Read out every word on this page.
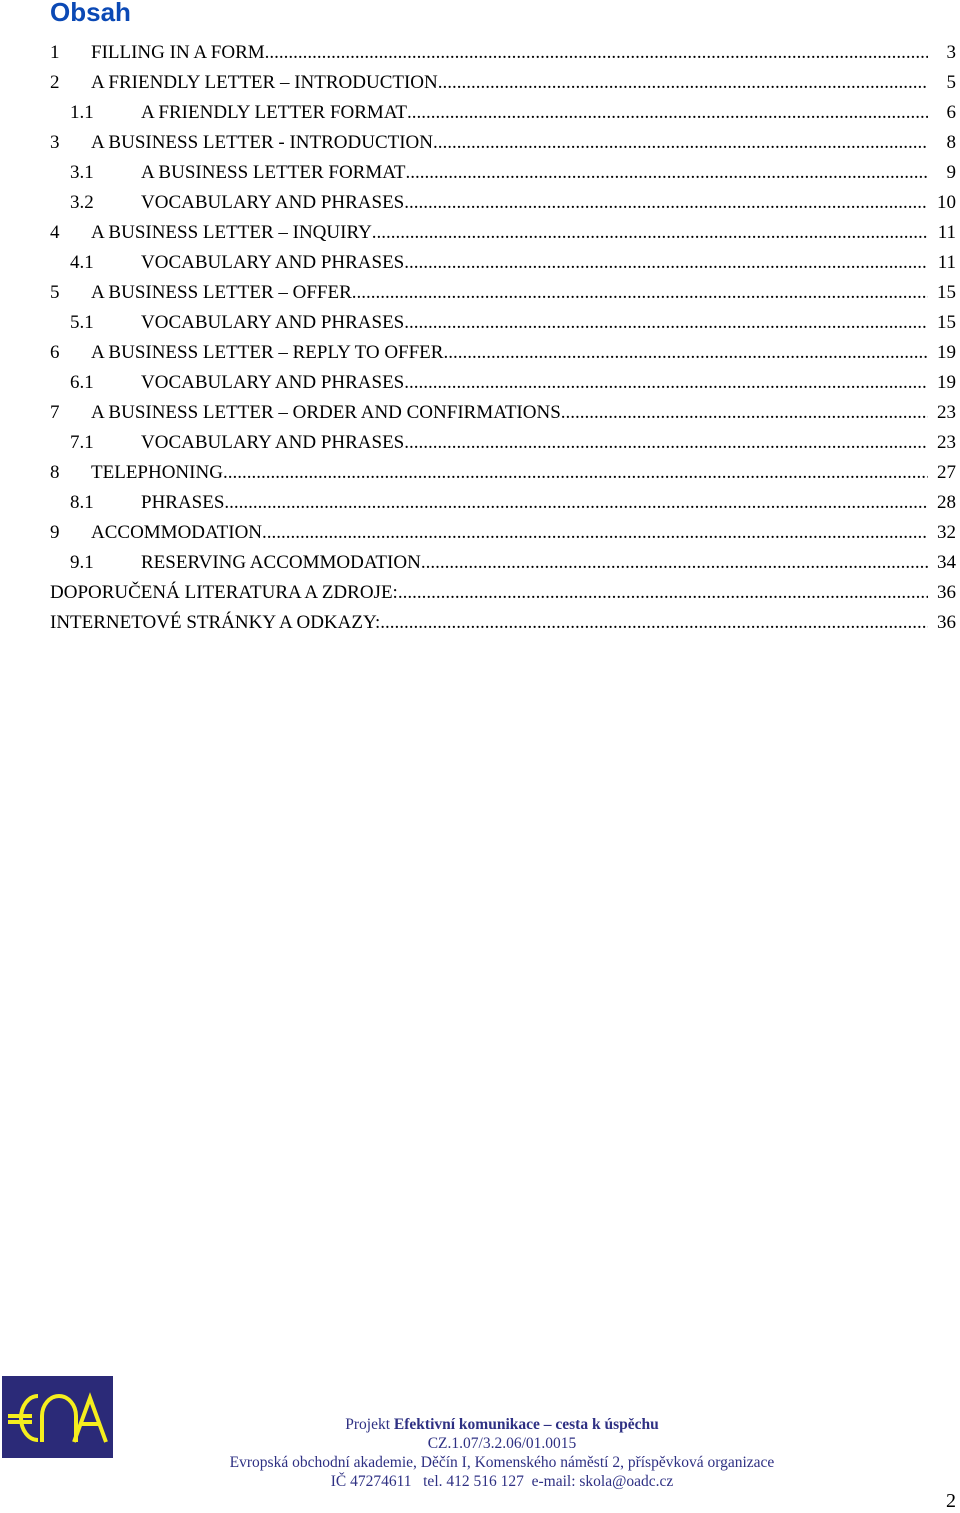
Obsah
1 FILLING IN A FORM .....	3
2 A FRIENDLY LETTER – INTRODUCTION .....	5
1.1 A FRIENDLY LETTER FORMAT .....	6
3 A BUSINESS LETTER - INTRODUCTION .....	8
3.1 A BUSINESS LETTER FORMAT .....	9
3.2 VOCABULARY AND PHRASES .....	10
4 A BUSINESS LETTER – INQUIRY .....	11
4.1 VOCABULARY AND PHRASES .....	11
5 A BUSINESS LETTER – OFFER .....	15
5.1 VOCABULARY AND PHRASES .....	15
6 A BUSINESS LETTER – REPLY TO OFFER .....	19
6.1 VOCABULARY AND PHRASES .....	19
7 A BUSINESS LETTER – ORDER AND CONFIRMATIONS .....	23
7.1 VOCABULARY AND PHRASES .....	23
8 TELEPHONING .....	27
8.1 PHRASES .....	28
9 ACCOMMODATION .....	32
9.1 RESERVING ACCOMMODATION .....	34
DOPORUČENÁ LITERATURA A ZDROJE: .....	36
INTERNETOVÉ STRÁNKY A ODKAZY: .....	36
Projekt Efektivní komunikace – cesta k úspěchu
CZ.1.07/3.2.06/01.0015
Evropská obchodní akademie, Děčín I, Komenského náměstí 2, příspěvková organizace
IČ 47274611   tel. 412 516 127  e-mail: skola@oadc.cz
2
